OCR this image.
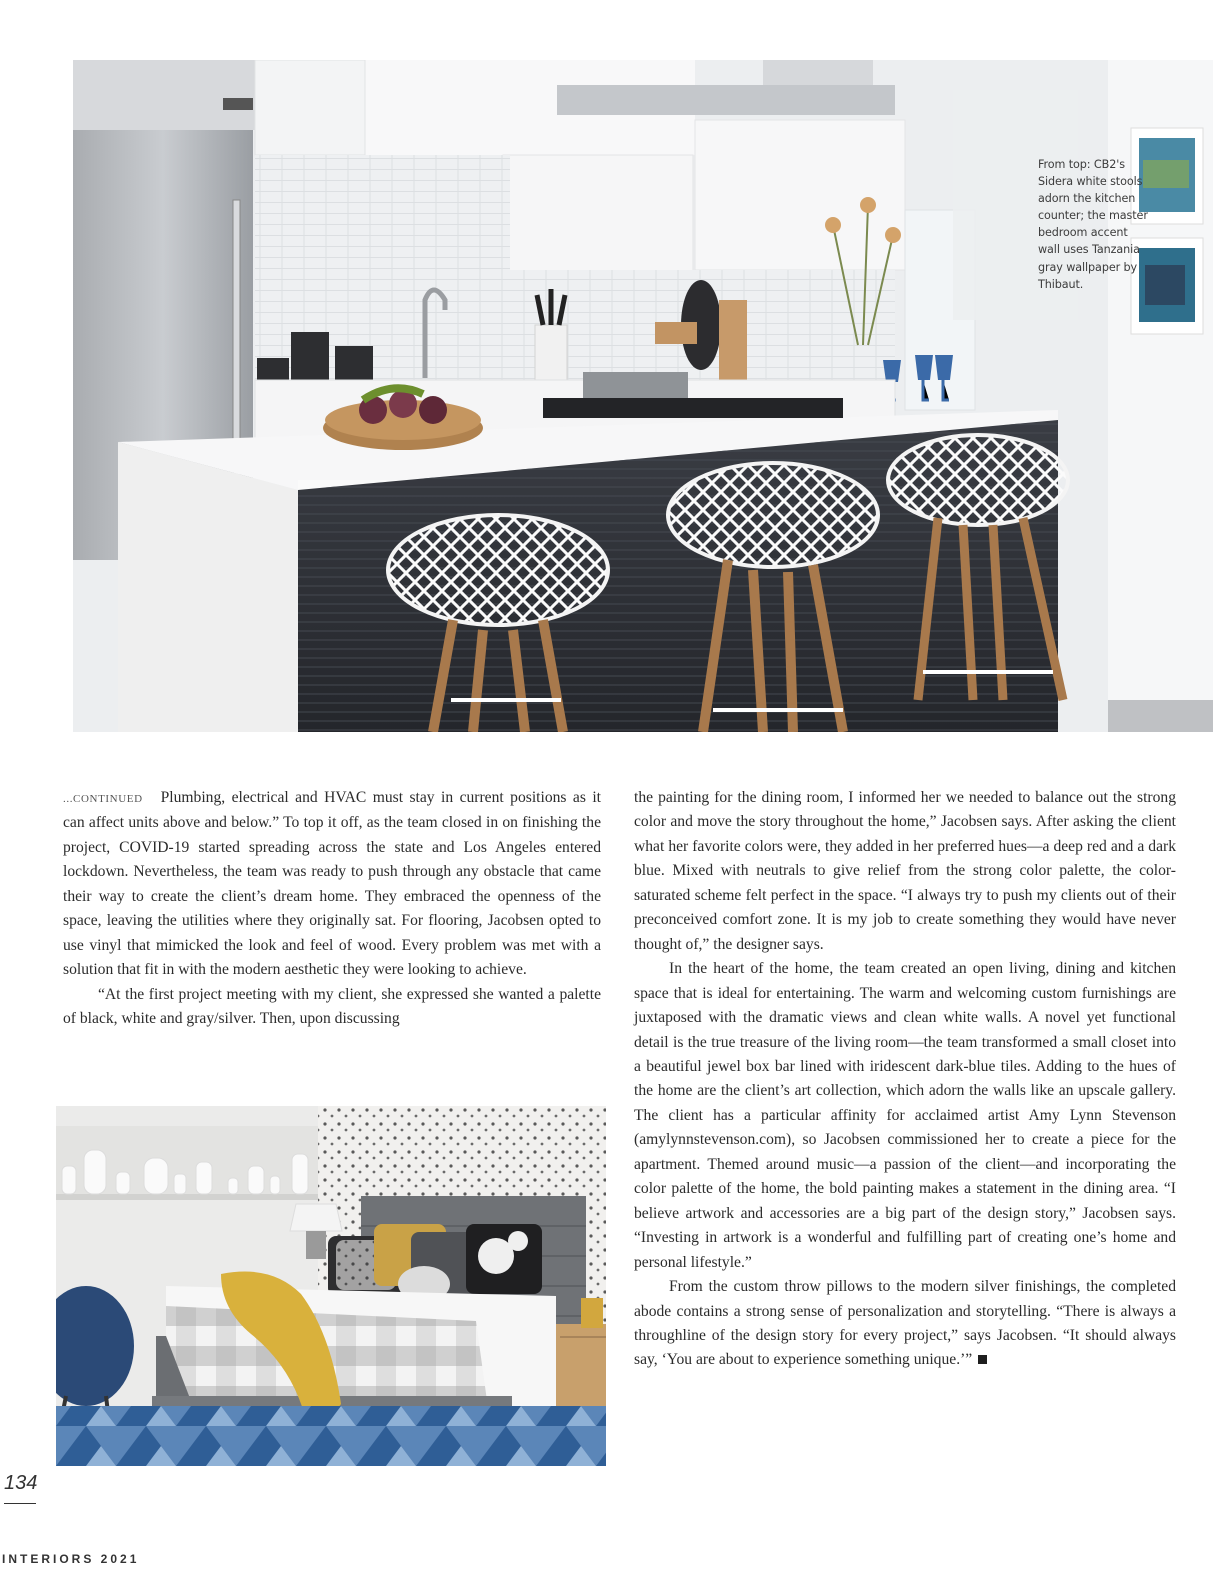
From top: CB2's Sidera white stools adorn the kitchen counter; the master bedroom accent wall uses Tanzania gray wallpaper by Thibaut.

...CONTINUED Plumbing, electrical and HVAC must stay in current positions as it can affect units above and below.” To top it off, as the team closed in on finishing the project, COVID-19 started spreading across the state and Los Angeles entered lockdown. Nevertheless, the team was ready to push through any obstacle that came their way to create the client’s dream home. They embraced the openness of the space, leaving the utilities where they originally sat. For flooring, Jacobsen opted to use vinyl that mimicked the look and feel of wood. Every problem was met with a solution that fit in with the modern aesthetic they were looking to achieve.

“At the first project meeting with my client, she expressed she wanted a palette of black, white and gray/silver. Then, upon discussing

the painting for the dining room, I informed her we needed to balance out the strong color and move the story throughout the home,” Jacobsen says. After asking the client what her favorite colors were, they added in her preferred hues—a deep red and a dark blue. Mixed with neutrals to give relief from the strong color palette, the color-saturated scheme felt perfect in the space. “I always try to push my clients out of their preconceived comfort zone. It is my job to create something they would have never thought of,” the designer says.

In the heart of the home, the team created an open living, dining and kitchen space that is ideal for entertaining. The warm and welcoming custom furnishings are juxtaposed with the dramatic views and clean white walls. A novel yet functional detail is the true treasure of the living room—the team transformed a small closet into a beautiful jewel box bar lined with iridescent dark-blue tiles. Adding to the hues of the home are the client’s art collection, which adorn the walls like an upscale gallery. The client has a particular affinity for acclaimed artist Amy Lynn Stevenson (amylynnstevenson.com), so Jacobsen commissioned her to create a piece for the apartment. Themed around music—a passion of the client—and incorporating the color palette of the home, the bold painting makes a statement in the dining area. “I believe artwork and accessories are a big part of the design story,” Jacobsen says. “Investing in artwork is a wonderful and fulfilling part of creating one’s home and personal lifestyle.”

From the custom throw pillows to the modern silver finishings, the completed abode contains a strong sense of personalization and storytelling. “There is always a throughline of the design story for every project,” says Jacobsen. “It should always say, ‘You are about to experience something unique.’”

134
INTERIORS 2021
